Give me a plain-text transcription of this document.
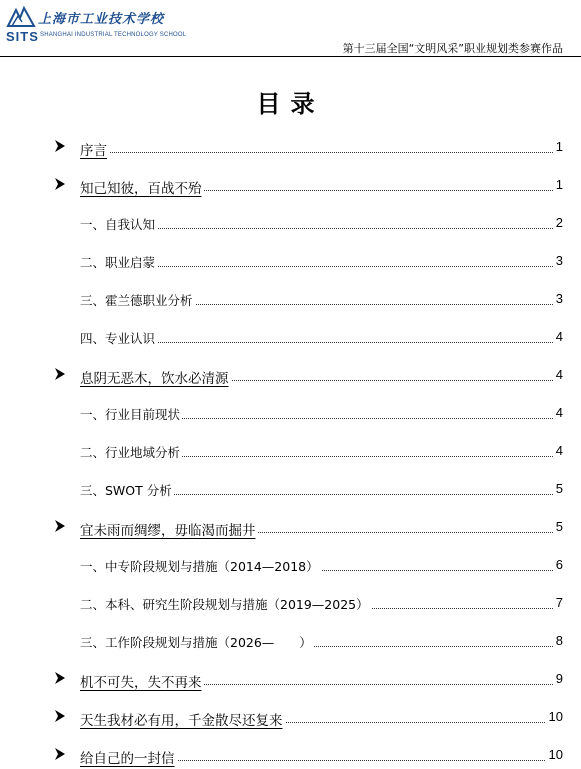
上海市工业技术学校
SITS SHANGHAI INDUSTRIAL TECHNOLOGY SCHOOL
第十三届全国“文明风采”职业规划类参赛作品
目录
序言	1
知己知彼，百战不殆	1
一、自我认知	2
二、职业启蒙	3
三、霍兰德职业分析	3
四、专业认识	4
息阴无恶木，饮水必清源	4
一、行业目前现状	4
二、行业地域分析	4
三、SWOT 分析	5
宜未雨而绸缪，毋临渴而掘井	5
一、中专阶段规划与措施（2014—2018）	6
二、本科、研究生阶段规划与措施（2019—2025）	7
三、工作阶段规划与措施（2026—　　）	8
机不可失，失不再来	9
天生我材必有用，千金散尽还复来	10
给自己的一封信	10
